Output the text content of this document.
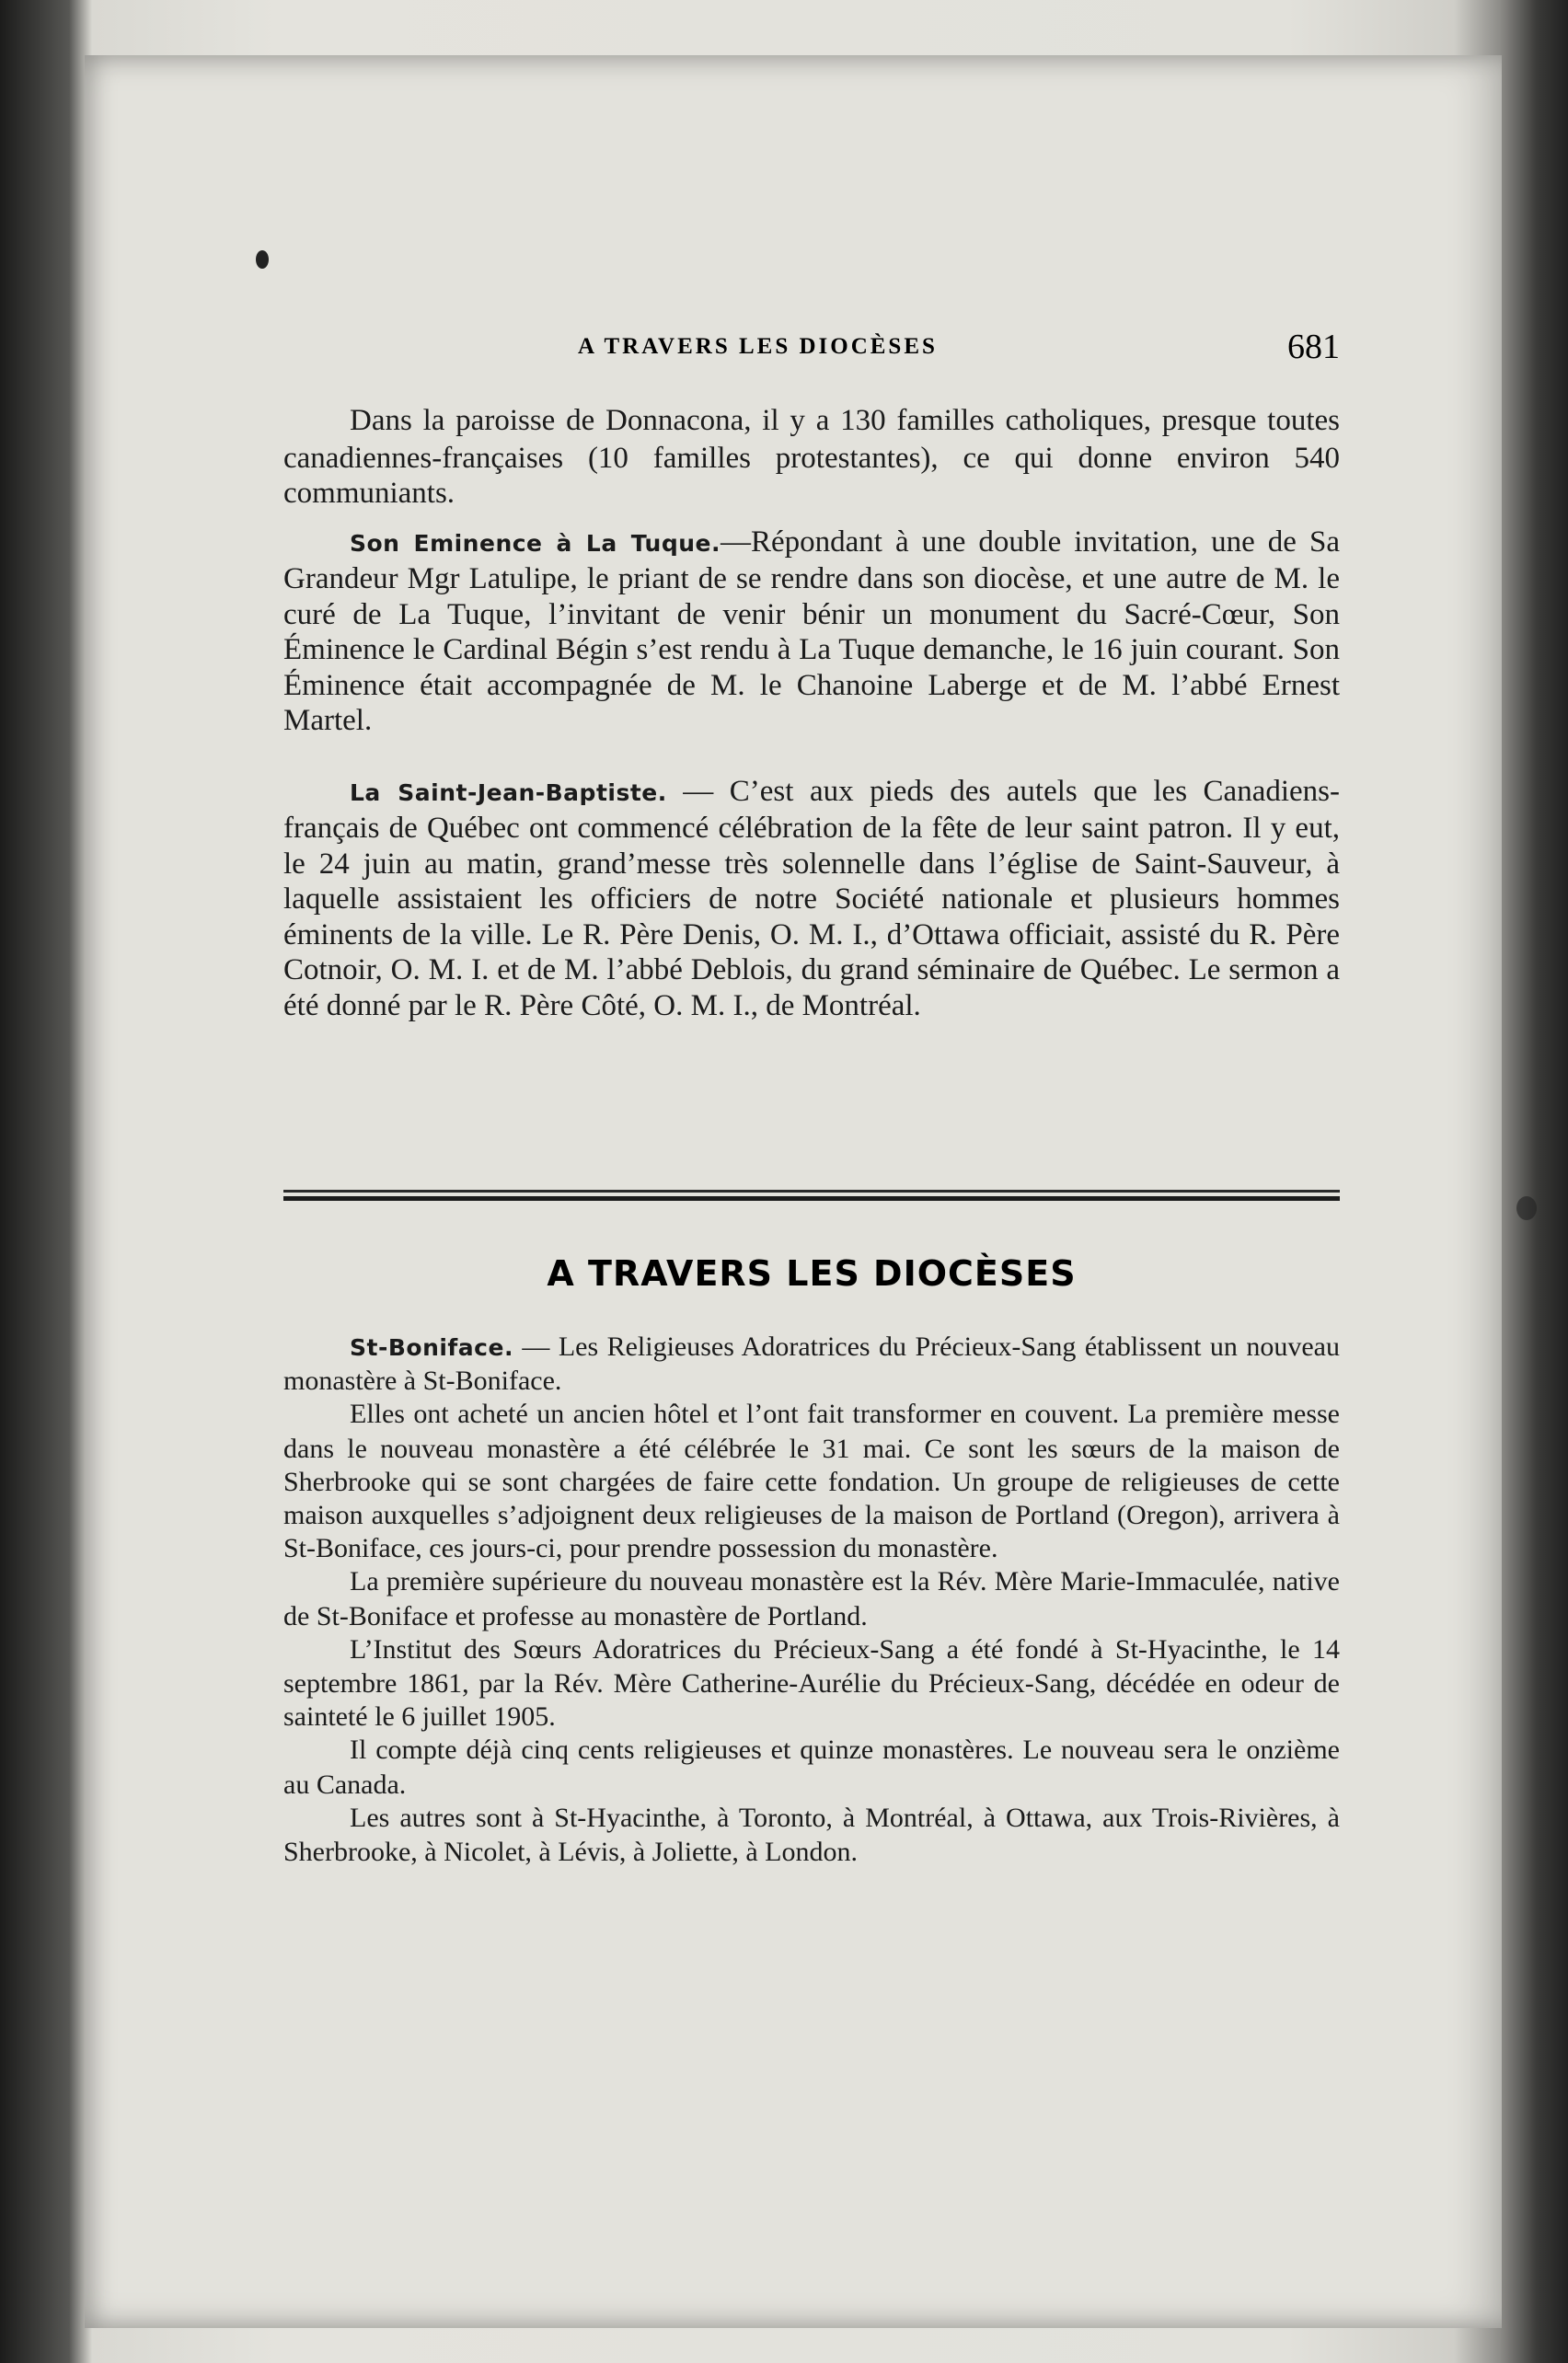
A TRAVERS LES DIOCÈSES	681

Dans la paroisse de Donnacona, il y a 130 familles catholiques, presque toutes canadiennes-françaises (10 familles protestantes), ce qui donne environ 540 communiants.

Son Eminence à La Tuque.—Répondant à une double invitation, une de Sa Grandeur Mgr Latulipe, le priant de se rendre dans son diocèse, et une autre de M. le curé de La Tuque, l’invitant de venir bénir un monument du Sacré-Cœur, Son Éminence le Cardinal Bégin s’est rendu à La Tuque demanche, le 16 juin courant. Son Éminence était accompagnée de M. le Chanoine Laberge et de M. l’abbé Ernest Martel.

La Saint-Jean-Baptiste. — C’est aux pieds des autels que les Canadiens-français de Québec ont commencé célébration de la fête de leur saint patron. Il y eut, le 24 juin au matin, grand’messe très solennelle dans l’église de Saint-Sauveur, à laquelle assistaient les officiers de notre Société nationale et plusieurs hommes éminents de la ville. Le R. Père Denis, O. M. I., d’Ottawa officiait, assisté du R. Père Cotnoir, O. M. I. et de M. l’abbé Deblois, du grand séminaire de Québec. Le sermon a été donné par le R. Père Côté, O. M. I., de Montréal.

A TRAVERS LES DIOCÈSES

St-Boniface. — Les Religieuses Adoratrices du Précieux-Sang établissent un nouveau monastère à St-Boniface.

Elles ont acheté un ancien hôtel et l’ont fait transformer en couvent. La première messe dans le nouveau monastère a été célébrée le 31 mai. Ce sont les sœurs de la maison de Sherbrooke qui se sont chargées de faire cette fondation. Un groupe de religieuses de cette maison auxquelles s’adjoignent deux religieuses de la maison de Portland (Oregon), arrivera à St-Boniface, ces jours-ci, pour prendre possession du monastère.

La première supérieure du nouveau monastère est la Rév. Mère Marie-Immaculée, native de St-Boniface et professe au monastère de Portland.

L’Institut des Sœurs Adoratrices du Précieux-Sang a été fondé à St-Hyacinthe, le 14 septembre 1861, par la Rév. Mère Catherine-Aurélie du Précieux-Sang, décédée en odeur de sainteté le 6 juillet 1905.

Il compte déjà cinq cents religieuses et quinze monastères. Le nouveau sera le onzième au Canada.

Les autres sont à St-Hyacinthe, à Toronto, à Montréal, à Ottawa, aux Trois-Rivières, à Sherbrooke, à Nicolet, à Lévis, à Joliette, à London.
